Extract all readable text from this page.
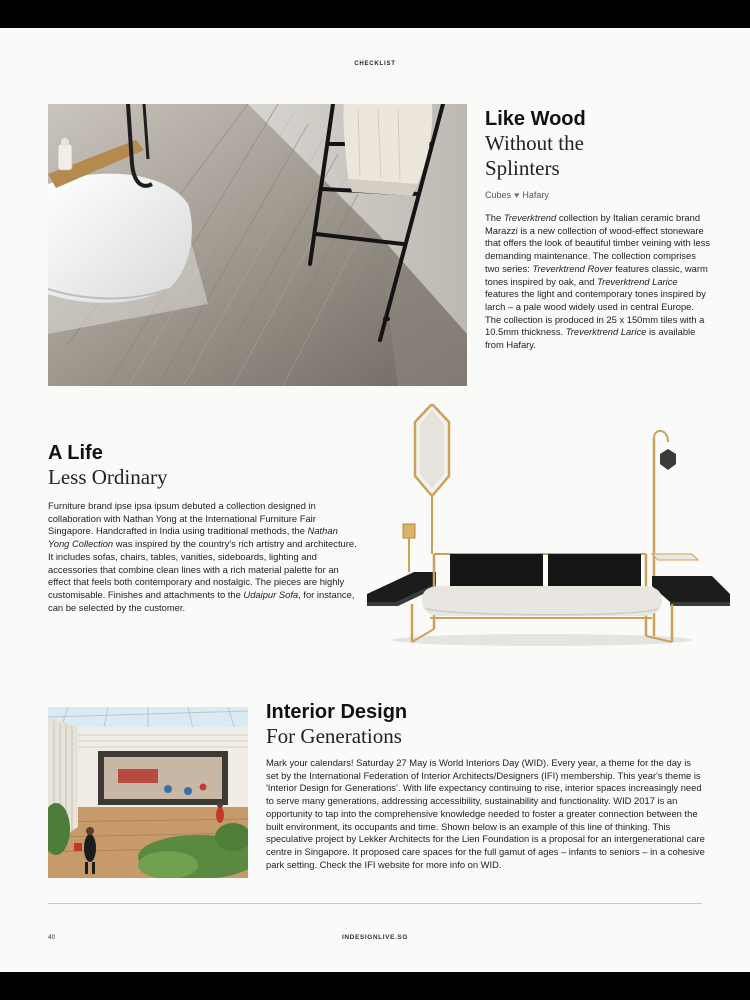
CHECKLIST
Like Wood
Without the
Splinters
Cubes ♥ Hafary
The Treverktrend collection by Italian ceramic brand Marazzi is a new collection of wood-effect stoneware that offers the look of beautiful timber veining with less demanding maintenance. The collection comprises two series: Treverktrend Rover features classic, warm tones inspired by oak, and Treverktrend Larice features the light and contemporary tones inspired by larch – a pale wood widely used in central Europe. The collection is produced in 25 x 150mm tiles with a 10.5mm thickness. Treverktrend Larice is available from Hafary.
A Life
Less Ordinary
Furniture brand ipse ipsa ipsum debuted a collection designed in collaboration with Nathan Yong at the International Furniture Fair Singapore. Handcrafted in India using traditional methods, the Nathan Yong Collection was inspired by the country's rich artistry and architecture. It includes sofas, chairs, tables, vanities, sideboards, lighting and accessories that combine clean lines with a rich material palette for an effect that feels both contemporary and nostalgic. The pieces are highly customisable. Finishes and attachments to the Udaipur Sofa, for instance, can be selected by the customer.
Interior Design
For Generations
Mark your calendars! Saturday 27 May is World Interiors Day (WID). Every year, a theme for the day is set by the International Federation of Interior Architects/Designers (IFI) membership. This year's theme is 'Interior Design for Generations'. With life expectancy continuing to rise, interior spaces increasingly need to serve many generations, addressing accessibility, sustainability and functionality. WID 2017 is an opportunity to tap into the comprehensive knowledge needed to foster a greater connection between the built environment, its occupants and time. Shown below is an example of this line of thinking. This speculative project by Lekker Architects for the Lien Foundation is a proposal for an intergenerational care centre in Singapore. It proposed care spaces for the full gamut of ages – infants to seniors – in a cohesive park setting. Check the IFI website for more info on WID.
40	INDESIGNLIVE.SG
